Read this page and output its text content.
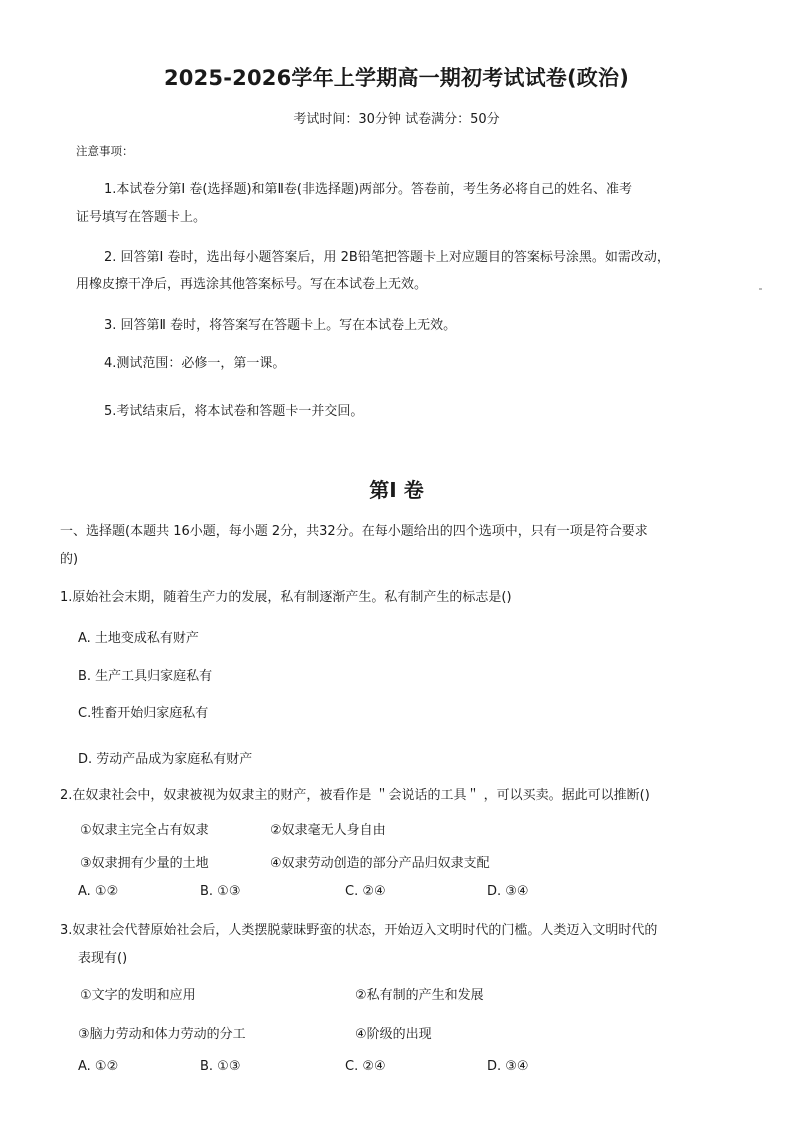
2025-2026学年上学期高一期初考试试卷(政治)
考试时间：30分钟 试卷满分：50分
注意事项：
1.本试卷分第Ⅰ 卷(选择题)和第Ⅱ卷(非选择题)两部分。答卷前，考生务必将自己的姓名、准考
证号填写在答题卡上。
2. 回答第Ⅰ 卷时，选出每小题答案后，用 2B铅笔把答题卡上对应题目的答案标号涂黑。如需改动，
用橡皮擦干净后，再选涂其他答案标号。写在本试卷上无效。
3. 回答第Ⅱ 卷时，将答案写在答题卡上。写在本试卷上无效。
4.测试范围：必修一，第一课。
5.考试结束后，将本试卷和答题卡一并交回。
第Ⅰ 卷
一、选择题(本题共 16小题，每小题 2分，共32分。在每小题给出的四个选项中，只有一项是符合要求
的)
1.原始社会末期，随着生产力的发展，私有制逐渐产生。私有制产生的标志是()
A. 土地变成私有财产
B. 生产工具归家庭私有
C.牲畜开始归家庭私有
D. 劳动产品成为家庭私有财产
2.在奴隶社会中，奴隶被视为奴隶主的财产，被看作是 ＂会说话的工具＂ ，可以买卖。据此可以推断()
①奴隶主完全占有奴隶	②奴隶毫无人身自由
③奴隶拥有少量的土地	④奴隶劳动创造的部分产品归奴隶支配
A. ①②	B. ①③	C. ②④	D. ③④
3.奴隶社会代替原始社会后，人类摆脱蒙昧野蛮的状态，开始迈入文明时代的门槛。人类迈入文明时代的
表现有()
①文字的发明和应用	②私有制的产生和发展
③脑力劳动和体力劳动的分工	④阶级的出现
A. ①②	B. ①③	C. ②④	D. ③④
